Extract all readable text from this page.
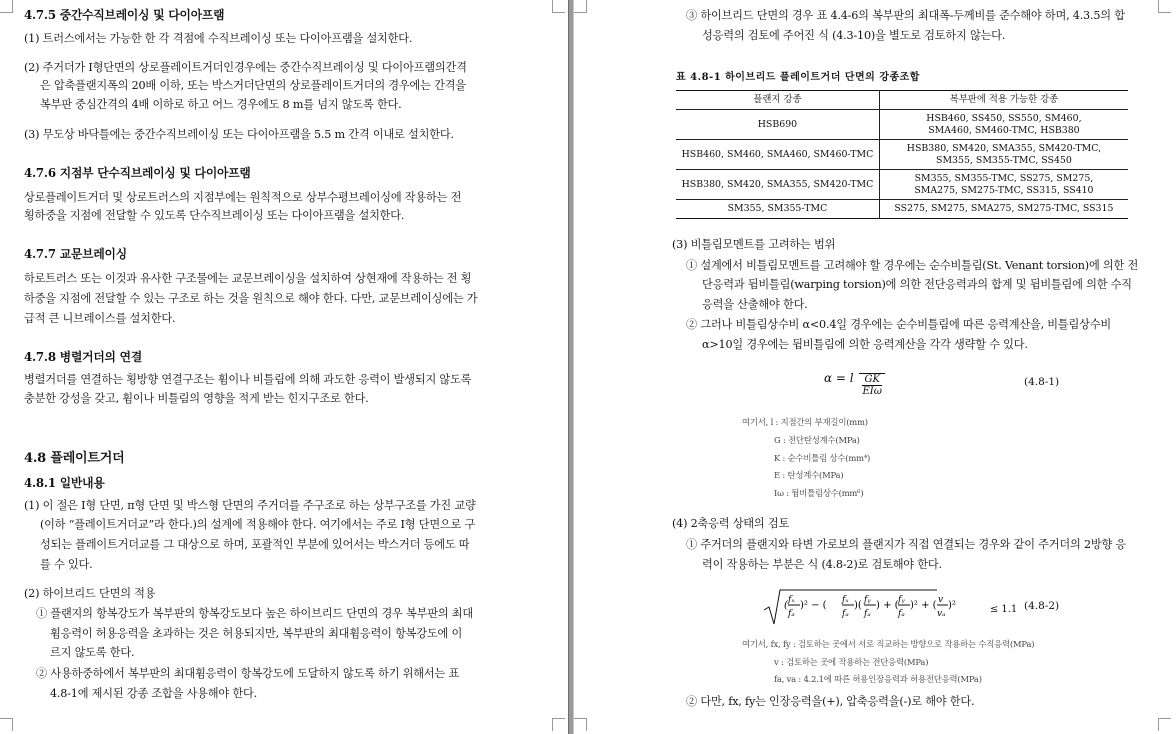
4.7.5 중간수직브레이싱 및 다이아프램
(1) 트러스에서는 가능한 한 각 격점에 수직브레이싱 또는 다이아프램을 설치한다.
(2) 주거더가 I형단면의 상로플레이트거더인경우에는 중간수직브레이싱 및 다이아프램의간격
은 압축플랜지폭의 20배 이하, 또는 박스거더단면의 상로플레이트거더의 경우에는 간격을
복부판 중심간격의 4배 이하로 하고 어느 경우에도 8 m를 넘지 않도록 한다.
(3) 무도상 바닥틀에는 중간수직브레이싱 또는 다이아프램을 5.5 m 간격 이내로 설치한다.
4.7.6 지점부 단수직브레이싱 및 다이아프램
상로플레이트거더 및 상로트러스의 지점부에는 원칙적으로 상부수평브레이싱에 작용하는 전
횡하중을 지점에 전달할 수 있도록 단수직브레이싱 또는 다이아프램을 설치한다.
4.7.7 교문브레이싱
하로트러스 또는 이것과 유사한 구조물에는 교문브레이싱을 설치하여 상현재에 작용하는 전 횡
하중을 지점에 전달할 수 있는 구조로 하는 것을 원칙으로 해야 한다. 다만, 교문브레이싱에는 가
급적 큰 니브레이스를 설치한다.
4.7.8 병렬거더의 연결
병렬거더를 연결하는 횡방향 연결구조는 휨이나 비틀림에 의해 과도한 응력이 발생되지 않도록
충분한 강성을 갖고, 휨이나 비틀림의 영향을 적게 받는 힌지구조로 한다.
4.8 플레이트거더
4.8.1 일반내용
(1) 이 절은 I형 단면, π형 단면 및 박스형 단면의 주거더를 주구조로 하는 상부구조를 가진 교량
(이하 “플레이트거더교”라 한다.)의 설계에 적용해야 한다. 여기에서는 주로 I형 단면으로 구
성되는 플레이트거더교를 그 대상으로 하며, 포괄적인 부분에 있어서는 박스거더 등에도 따
를 수 있다.
(2) 하이브리드 단면의 적용
① 플랜지의 항복강도가 복부판의 항복강도보다 높은 하이브리드 단면의 경우 복부판의 최대
휨응력이 허용응력을 초과하는 것은 허용되지만, 복부판의 최대휨응력이 항복강도에 이
르지 않도록 한다.
② 사용하중하에서 복부판의 최대휨응력이 항복강도에 도달하지 않도록 하기 위해서는 표
4.8-1에 제시된 강종 조합을 사용해야 한다.
③ 하이브리드 단면의 경우 표 4.4-6의 복부판의 최대폭-두께비를 준수해야 하며, 4.3.5의 합
성응력의 검토에 주어진 식 (4.3-10)을 별도로 검토하지 않는다.
표 4.8-1 하이브리드 플레이트거더 단면의 강종조합
플랜지 강종	복부판에 적용 가능한 강종
HSB690	HSB460, SS450, SS550, SM460,
SMA460, SM460-TMC, HSB380

HSB460, SM460, SMA460, SM460-TMC	HSB380, SM420, SMA355, SM420-TMC,
SM355, SM355-TMC, SS450

HSB380, SM420, SMA355, SM420-TMC	SM355, SM355-TMC, SS275, SM275,
SMA275, SM275-TMC, SS315, SS410

SM355, SM355-TMC	SS275, SM275, SMA275, SM275-TMC, SS315
(3) 비틀림모멘트를 고려하는 범위
① 설계에서 비틀림모멘트를 고려해야 할 경우에는 순수비틀림(St. Venant torsion)에 의한 전
단응력과 뒴비틀림(warping torsion)에 의한 전단응력과의 합계 및 뒴비틀림에 의한 수직
응력을 산출해야 한다.
② 그러나 비틀림상수비 α<0.4일 경우에는 순수비틀림에 따른 응력계산을, 비틀림상수비
α>10일 경우에는 뒴비틀림에 의한 응력계산을 각각 생략할 수 있다.
α = l $\frac{GK}{\text{EIω}}$	(4.8-1)
여기서, l : 지점간의 부재길이(mm)
G : 전단탄성계수(MPa)
K : 순수비틀림 상수(mm⁴)
E : 탄성계수(MPa)
Iω : 뒴비틀림상수(mm⁶)
(4) 2축응력 상태의 검토
① 주거더의 플랜지와 타변 가로보의 플랜지가 직접 연결되는 경우와 같이 주거더의 2방향 응
력이 작용하는 부분은 식 (4.8-2)로 검토해야 한다.
( fₓ
fₐ
)² − ( fₓ
fₐ
)( fᵧ
fₐ
) + ( fᵧ
fₐ
)² + ( v
vₐ
)²	≤ 1.1 (4.8-2)
여기서, fx, fy : 검토하는 곳에서 서로 직교하는 방향으로 작용하는 수직응력(MPa)
v : 검토하는 곳에 작용하는 전단응력(MPa)
fa, va : 4.2.1에 따른 허용인장응력과 허용전단응력(MPa)
② 다만, fx, fy는 인장응력을(+), 압축응력을(-)로 해야 한다.
